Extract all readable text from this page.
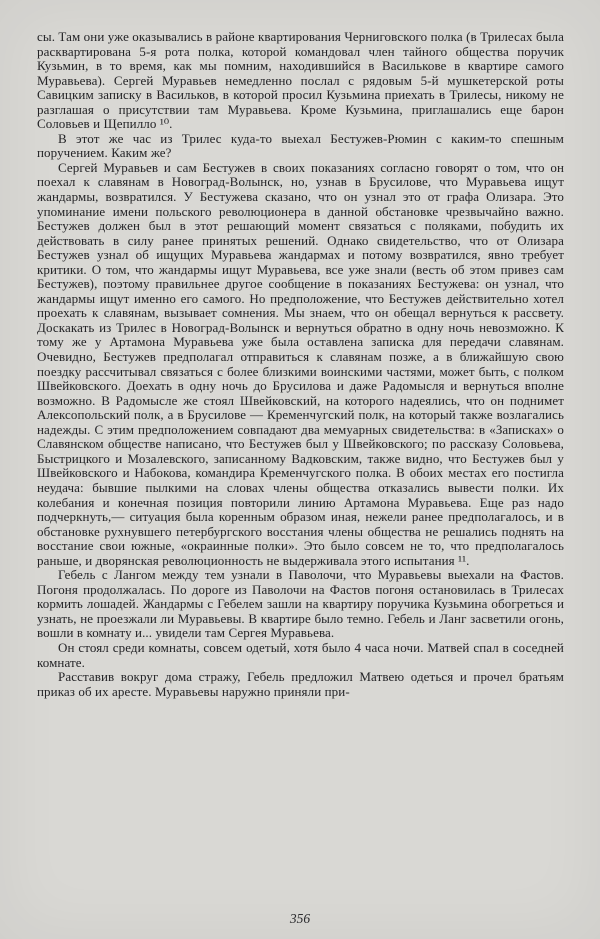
сы. Там они уже оказывались в районе квартирования Черниговского полка (в Трилесах была расквартирована 5-я рота полка, которой командовал член тайного общества поручик Кузьмин, в то время, как мы помним, находившийся в Василькове в квартире самого Муравьева). Сергей Муравьев немедленно послал с рядовым 5-й мушкетерской роты Савицким записку в Васильков, в которой просил Кузьмина приехать в Трилесы, никому не разглашая о присутствии там Муравьева. Кроме Кузьмина, приглашались еще барон Соловьев и Щепилло ¹⁰.

В этот же час из Трилес куда-то выехал Бестужев-Рюмин с каким-то спешным поручением. Каким же?

Сергей Муравьев и сам Бестужев в своих показаниях согласно говорят о том, что он поехал к славянам в Новоград-Волынск, но, узнав в Брусилове, что Муравьева ищут жандармы, возвратился. У Бестужева сказано, что он узнал это от графа Олизара. Это упоминание имени польского революционера в данной обстановке чрезвычайно важно. Бестужев должен был в этот решающий момент связаться с поляками, побудить их действовать в силу ранее принятых решений. Однако свидетельство, что от Олизара Бестужев узнал об ищущих Муравьева жандармах и потому возвратился, явно требует критики. О том, что жандармы ищут Муравьева, все уже знали (весть об этом привез сам Бестужев), поэтому правильнее другое сообщение в показаниях Бестужева: он узнал, что жандармы ищут именно его самого. Но предположение, что Бестужев действительно хотел проехать к славянам, вызывает сомнения. Мы знаем, что он обещал вернуться к рассвету. Доскакать из Трилес в Новоград-Волынск и вернуться обратно в одну ночь невозможно. К тому же у Артамона Муравьева уже была оставлена записка для передачи славянам. Очевидно, Бестужев предполагал отправиться к славянам позже, а в ближайшую свою поездку рассчитывал связаться с более близкими воинскими частями, может быть, с полком Швейковского. Доехать в одну ночь до Брусилова и даже Радомысля и вернуться вполне возможно. В Радомысле же стоял Швейковский, на которого надеялись, что он поднимет Алексопольский полк, а в Брусилове — Кременчугский полк, на который также возлагались надежды. С этим предположением совпадают два мемуарных свидетельства: в «Записках» о Славянском обществе написано, что Бестужев был у Швейковского; по рассказу Соловьева, Быстрицкого и Мозалевского, записанному Вадковским, также видно, что Бестужев был у Швейковского и Набокова, командира Кременчугского полка. В обоих местах его постигла неудача: бывшие пылкими на словах члены общества отказались вывести полки. Их колебания и конечная позиция повторили линию Артамона Муравьева. Еще раз надо подчеркнуть,— ситуация была коренным образом иная, нежели ранее предполагалось, и в обстановке рухнувшего петербургского восстания члены общества не решались поднять на восстание свои южные, «окраинные полки». Это было совсем не то, что предполагалось раньше, и дворянская революционность не выдерживала этого испытания ¹¹.

Гебель с Лангом между тем узнали в Паволочи, что Муравьевы выехали на Фастов. Погоня продолжалась. По дороге из Паволочи на Фастов погоня остановилась в Трилесах кормить лошадей. Жандармы с Гебелем зашли на квартиру поручика Кузьмина обогреться и узнать, не проезжали ли Муравьевы. В квартире было темно. Гебель и Ланг засветили огонь, вошли в комнату и... увидели там Сергея Муравьева.

Он стоял среди комнаты, совсем одетый, хотя было 4 часа ночи. Матвей спал в соседней комнате.

Расставив вокруг дома стражу, Гебель предложил Матвею одеться и прочел братьям приказ об их аресте. Муравьевы наружно приняли при-

356
